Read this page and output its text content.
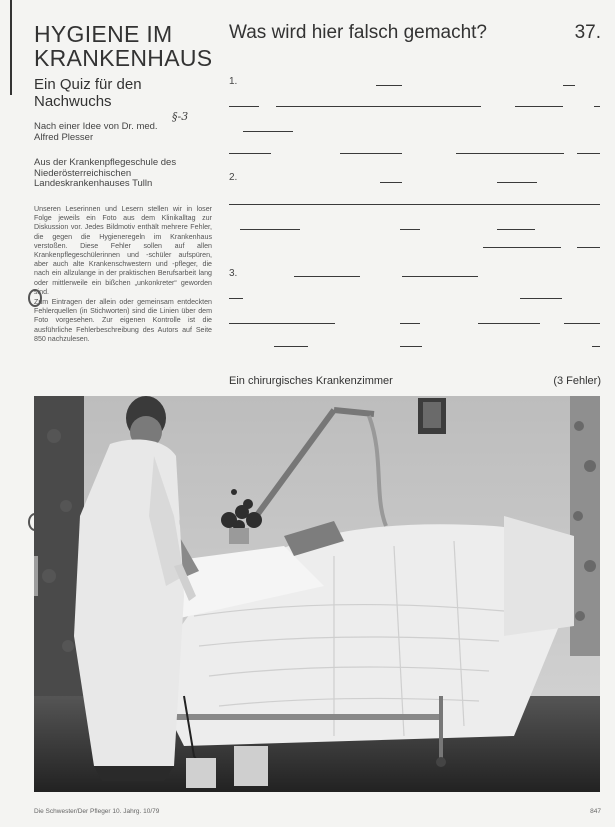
HYGIENE IM KRANKENHAUS
Ein Quiz für den Nachwuchs
§-3
Nach einer Idee von Dr. med. Alfred Plesser
Aus der Krankenpflegeschule des Niederösterreichischen Landeskrankenhauses Tulln

Unseren Leserinnen und Lesern stellen wir in loser Folge jeweils ein Foto aus dem Klinikalltag zur Diskussion vor. Jedes Bildmotiv enthält mehrere Fehler, die gegen die Hygieneregeln im Krankenhaus verstoßen. Diese Fehler sollen auf allen Krankenpflegeschülerinnen und -schüler aufspüren, aber auch alte Krankenschwestern und -pfleger, die nach ein allzulange in der praktischen Berufsarbeit lang oder mittlerweile ein bißchen „unkonkreter“ geworden sind.

Zum Eintragen der allein oder gemeinsam entdeckten Fehlerquellen (in Stichworten) sind die Linien über dem Foto vorgesehen. Zur eigenen Kontrolle ist die ausführliche Fehlerbeschreibung des Autors auf Seite 850 nachzulesen.

Was wird hier falsch gemacht?	37.
1.
2.
3.
Ein chirurgisches Krankenzimmer	(3 Fehler)
Die Schwester/Der Pfleger 10. Jahrg. 10/79	847
